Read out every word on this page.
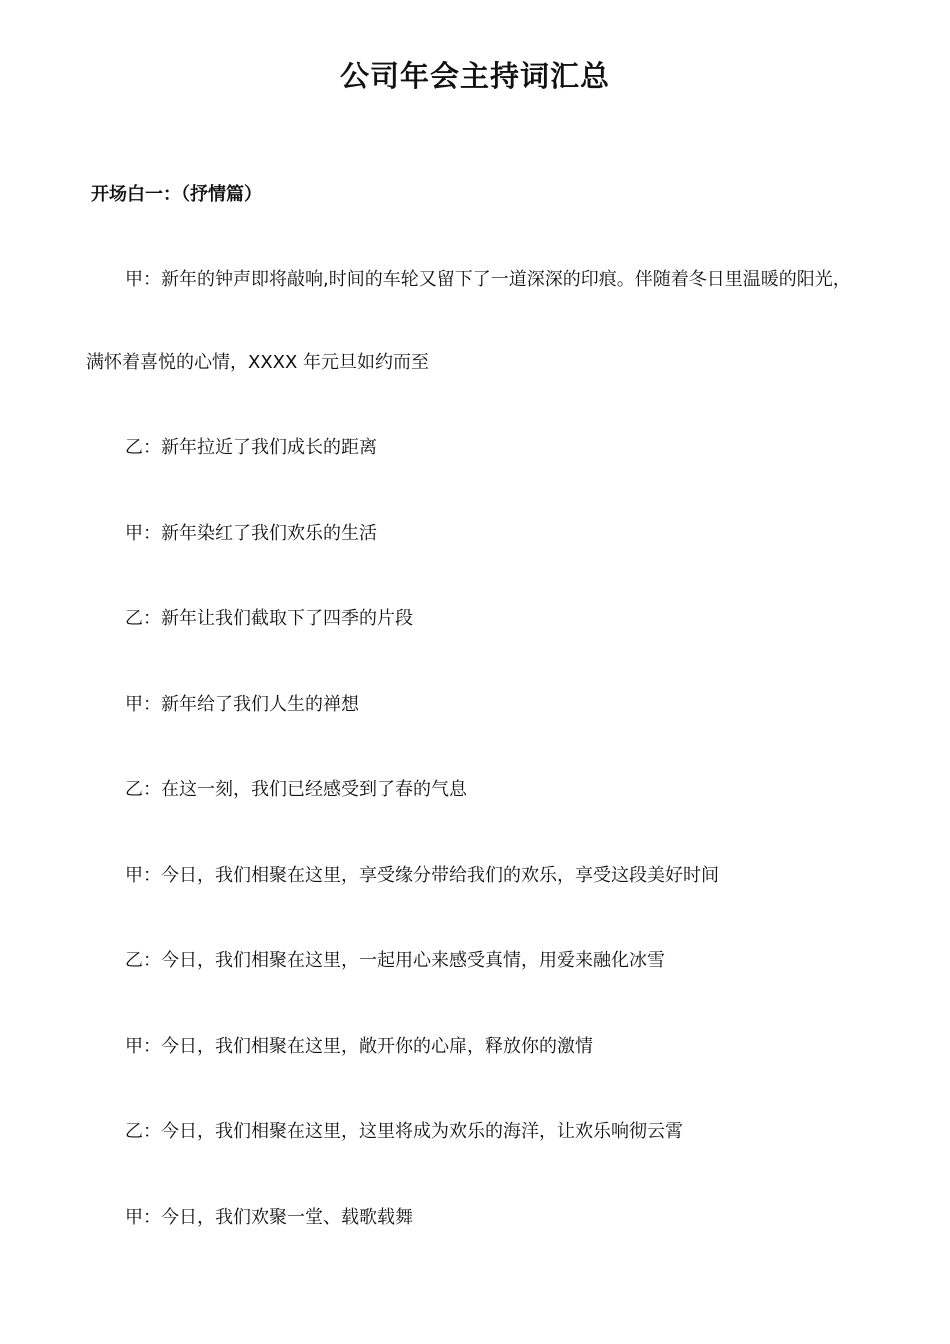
公司年会主持词汇总
开场白一：（抒情篇）
甲：新年的钟声即将敲响,时间的车轮又留下了一道深深的印痕。伴随着冬日里温暖的阳光，
满怀着喜悦的心情，XXXX 年元旦如约而至
乙：新年拉近了我们成长的距离
甲：新年染红了我们欢乐的生活
乙：新年让我们截取下了四季的片段
甲：新年给了我们人生的禅想
乙：在这一刻，我们已经感受到了春的气息
甲：今日，我们相聚在这里，享受缘分带给我们的欢乐，享受这段美好时间
乙：今日，我们相聚在这里，一起用心来感受真情，用爱来融化冰雪
甲：今日，我们相聚在这里，敞开你的心扉，释放你的激情
乙：今日，我们相聚在这里，这里将成为欢乐的海洋，让欢乐响彻云霄
甲：今日，我们欢聚一堂、载歌载舞
